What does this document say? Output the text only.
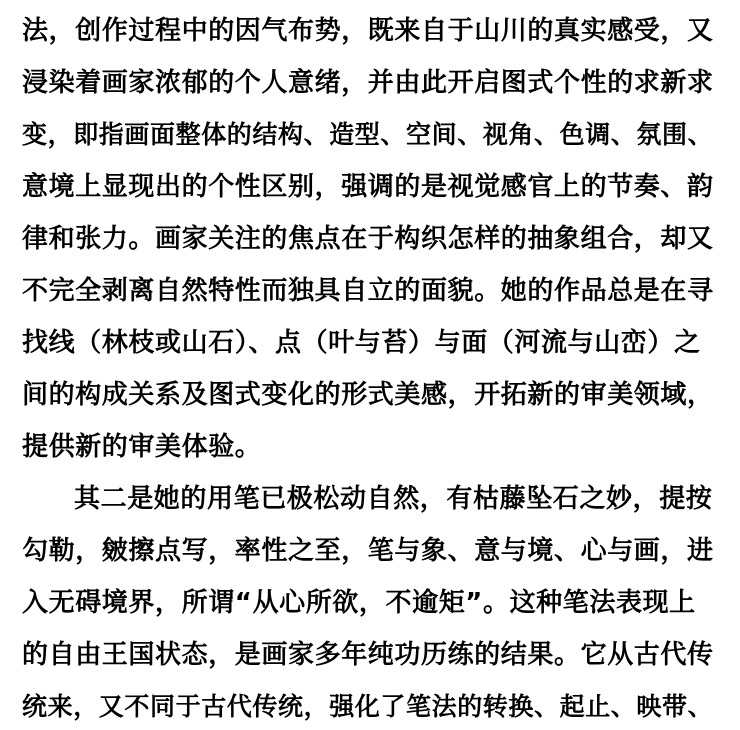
法，创作过程中的因气布势，既来自于山川的真实感受，又
浸染着画家浓郁的个人意绪，并由此开启图式个性的求新求
变，即指画面整体的结构、造型、空间、视角、色调、氛围、
意境上显现出的个性区别，强调的是视觉感官上的节奏、韵
律和张力。画家关注的焦点在于构织怎样的抽象组合，却又
不完全剥离自然特性而独具自立的面貌。她的作品总是在寻
找线（林枝或山石）、点（叶与苔）与面（河流与山峦）之
间的构成关系及图式变化的形式美感，开拓新的审美领域，
提供新的审美体验。
其二是她的用笔已极松动自然，有枯藤坠石之妙，提按
勾勒，皴擦点写，率性之至，笔与象、意与境、心与画，进
入无碍境界，所谓“从心所欲，不逾矩”。这种笔法表现上
的自由王国状态，是画家多年纯功历练的结果。它从古代传
统来，又不同于古代传统，强化了笔法的转换、起止、映带、
